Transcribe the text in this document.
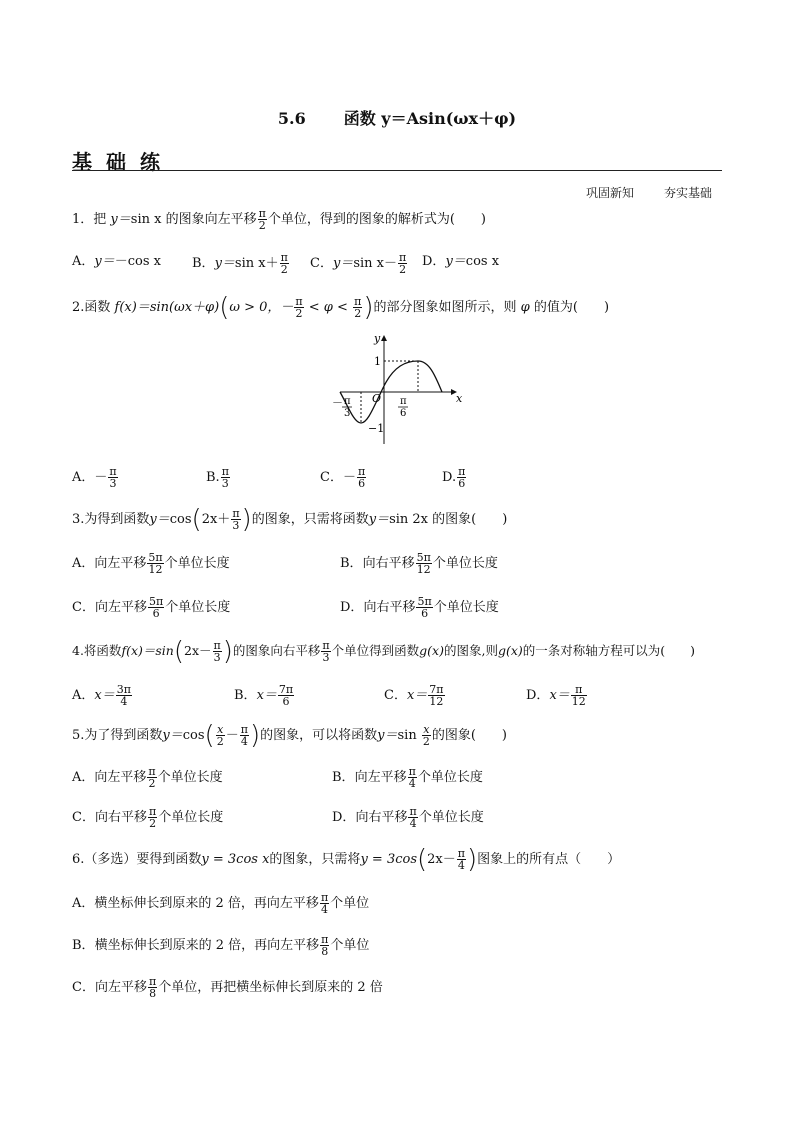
5.6 函数 y＝Asin(ωx＋φ)
基础练
巩固新知 夯实基础
1．把 y＝sin x 的图象向左平移 $\frac{\pi}{2}$ 个单位，得到的图象的解析式为(　　)
A．y＝－cos x B．y＝sin $x+ \frac{\pi}{2}$ C．y＝sin $x- \frac{\pi}{2}$ D．y＝cos x
2.函数 f(x)＝sin(ωx＋φ)(ω > 0，－ $\frac{\pi}{2} < \varphi < \frac{\pi}{2}$ )的部分图象如图所示，则 φ 的值为(　　)
x
y
O
1
−1
－ π
3
π
6
A．－ $\frac{\pi}{3}$	B. $\frac{\pi}{3}$	C．－ $\frac{\pi}{6}$	D. $\frac{\pi}{6}$
3.为得到函数$y=\cos(2x+ \frac{\pi}{3}$ )的图象，只需将函数y＝sin 2x 的图象(　　)
A．向左平移 $\frac{5\pi}{12}$ 个单位长度	B．向右平移 $\frac{5\pi}{12}$ 个单位长度
C．向左平移 $\frac{5\pi}{6}$ 个单位长度	D．向右平移 $\frac{5\pi}{6}$ 个单位长度
4.将函数$f(x)=\sin(2x- \frac{\pi}{3}$ )的图象向右平移 $\frac{\pi}{3}$ 个单位得到函数g(x)的图象,则g(x)的一条对称轴方程可以为(　　)
A．$x= \frac{3\pi}{4}$	B．$x= \frac{7\pi}{6}$	C．$x= \frac{7\pi}{12}$	D．$x= \frac{\pi}{12}$
5.为了得到函数$y=\cos( \frac{x}{2} - \frac{\pi}{4}$ )的图象，可以将函数$y=\sin \frac{x}{2}$ 的图象(　　)
A．向左平移 $\frac{\pi}{2}$ 个单位长度	B．向左平移 $\frac{\pi}{4}$ 个单位长度
C．向右平移 $\frac{\pi}{2}$ 个单位长度	D．向右平移 $\frac{\pi}{4}$ 个单位长度
6.（多选）要得到函数y = 3cos x的图象，只需将$y = 3\cos(2x- \frac{\pi}{4}$ )图象上的所有点（　　）
A．横坐标伸长到原来的 2 倍，再向左平移 $\frac{\pi}{4}$ 个单位
B．横坐标伸长到原来的 2 倍，再向左平移 $\frac{\pi}{8}$ 个单位
C．向左平移 $\frac{\pi}{8}$ 个单位，再把横坐标伸长到原来的 2 倍
